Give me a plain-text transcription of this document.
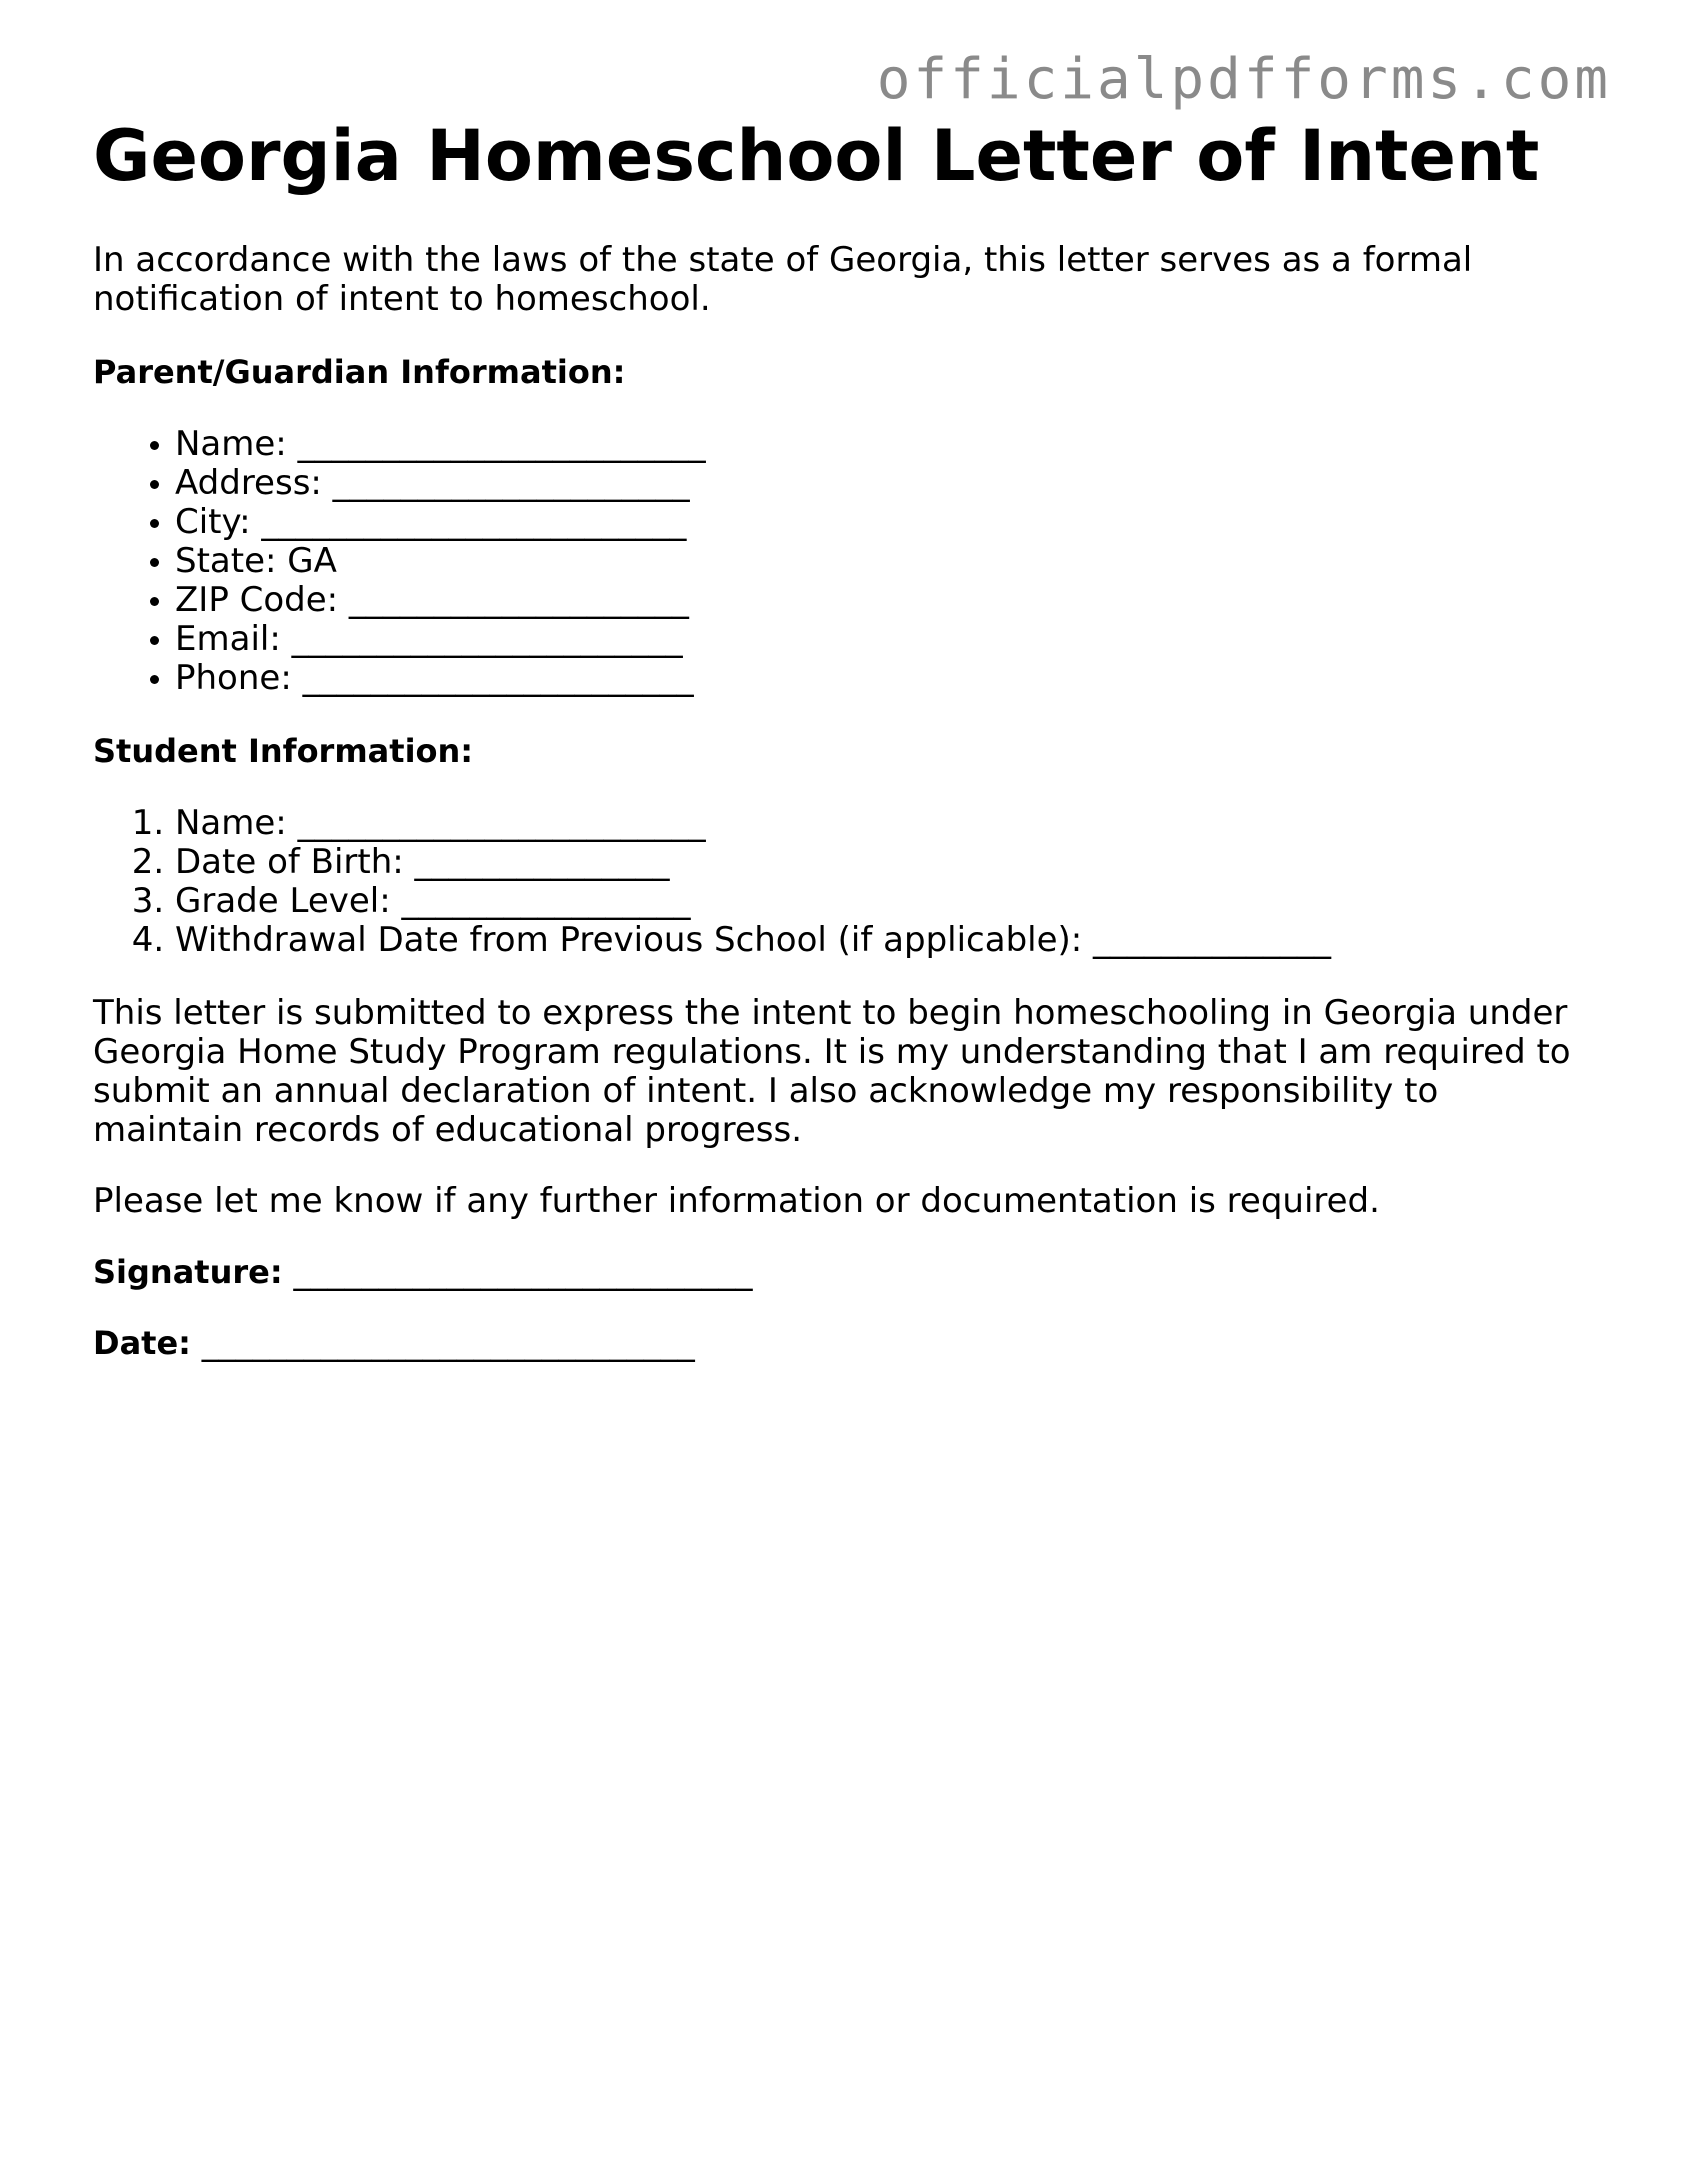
officialpdfforms.com
Georgia Homeschool Letter of Intent

In accordance with the laws of the state of Georgia, this letter serves as a formal notification of intent to homeschool.

Parent/Guardian Information:

• Name: ________________________
• Address: _____________________
• City: _________________________
• State: GA
• ZIP Code: ____________________
• Email: _______________________
• Phone: _______________________

Student Information:

1. Name: ________________________
2. Date of Birth: _______________
3. Grade Level: _________________
4. Withdrawal Date from Previous School (if applicable): ______________

This letter is submitted to express the intent to begin homeschooling in Georgia under Georgia Home Study Program regulations. It is my understanding that I am required to submit an annual declaration of intent. I also acknowledge my responsibility to maintain records of educational progress.

Please let me know if any further information or documentation is required.

Signature: ___________________________
Date: _____________________________
